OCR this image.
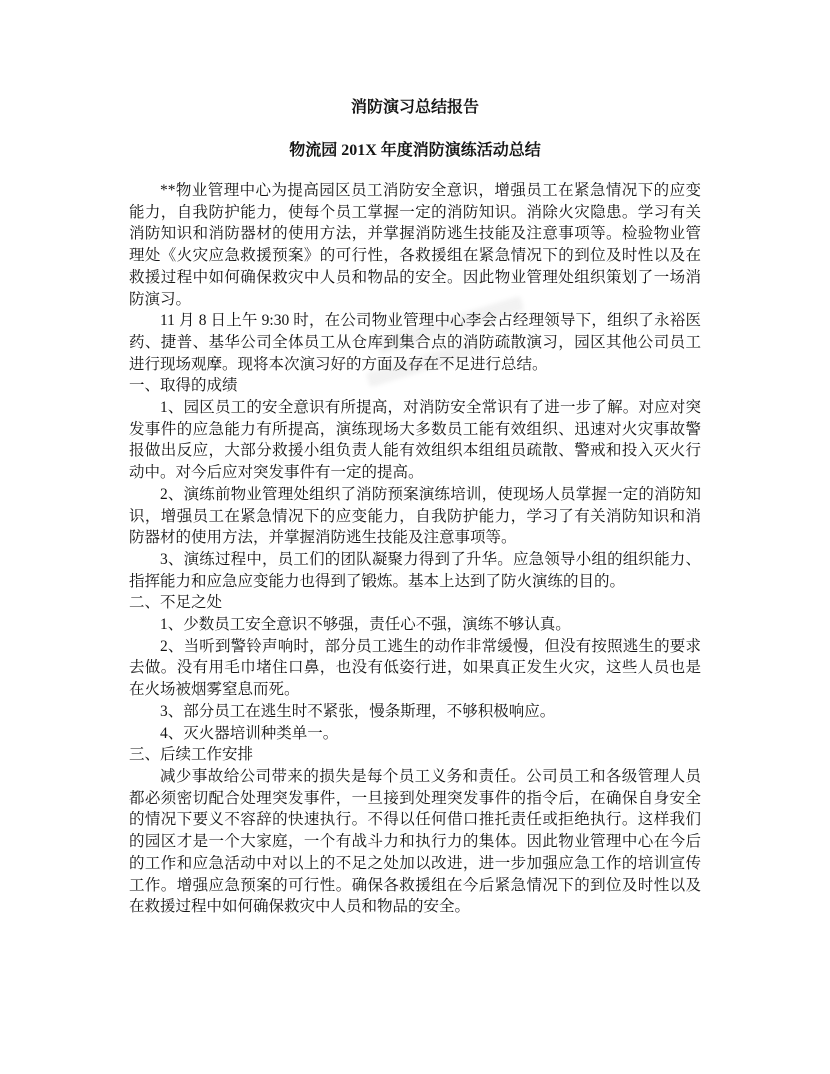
消防演习总结报告

物流园 201X 年度消防演练活动总结

**物业管理中心为提高园区员工消防安全意识，增强员工在紧急情况下的应变能力，自我防护能力，使每个员工掌握一定的消防知识。消除火灾隐患。学习有关消防知识和消防器材的使用方法，并掌握消防逃生技能及注意事项等。检验物业管理处《火灾应急救援预案》的可行性，各救援组在紧急情况下的到位及时性以及在救援过程中如何确保救灾中人员和物品的安全。因此物业管理处组织策划了一场消防演习。

11 月 8 日上午 9:30 时，在公司物业管理中心李会占经理领导下，组织了永裕医药、捷普、基华公司全体员工从仓库到集合点的消防疏散演习，园区其他公司员工进行现场观摩。现将本次演习好的方面及存在不足进行总结。

一、取得的成绩

1、园区员工的安全意识有所提高，对消防安全常识有了进一步了解。对应对突发事件的应急能力有所提高，演练现场大多数员工能有效组织、迅速对火灾事故警报做出反应，大部分救援小组负责人能有效组织本组组员疏散、警戒和投入灭火行动中。对今后应对突发事件有一定的提高。

2、演练前物业管理处组织了消防预案演练培训，使现场人员掌握一定的消防知识，增强员工在紧急情况下的应变能力，自我防护能力，学习了有关消防知识和消防器材的使用方法，并掌握消防逃生技能及注意事项等。

3、演练过程中，员工们的团队凝聚力得到了升华。应急领导小组的组织能力、指挥能力和应急应变能力也得到了锻炼。基本上达到了防火演练的目的。

二、不足之处

1、少数员工安全意识不够强，责任心不强，演练不够认真。

2、当听到警铃声响时，部分员工逃生的动作非常缓慢，但没有按照逃生的要求去做。没有用毛巾堵住口鼻，也没有低姿行进，如果真正发生火灾，这些人员也是在火场被烟雾窒息而死。

3、部分员工在逃生时不紧张，慢条斯理，不够积极响应。

4、灭火器培训种类单一。

三、后续工作安排

减少事故给公司带来的损失是每个员工义务和责任。公司员工和各级管理人员都必须密切配合处理突发事件，一旦接到处理突发事件的指令后，在确保自身安全的情况下要义不容辞的快速执行。不得以任何借口推托责任或拒绝执行。这样我们的园区才是一个大家庭，一个有战斗力和执行力的集体。因此物业管理中心在今后的工作和应急活动中对以上的不足之处加以改进，进一步加强应急工作的培训宣传工作。增强应急预案的可行性。确保各救援组在今后紧急情况下的到位及时性以及在救援过程中如何确保救灾中人员和物品的安全。
